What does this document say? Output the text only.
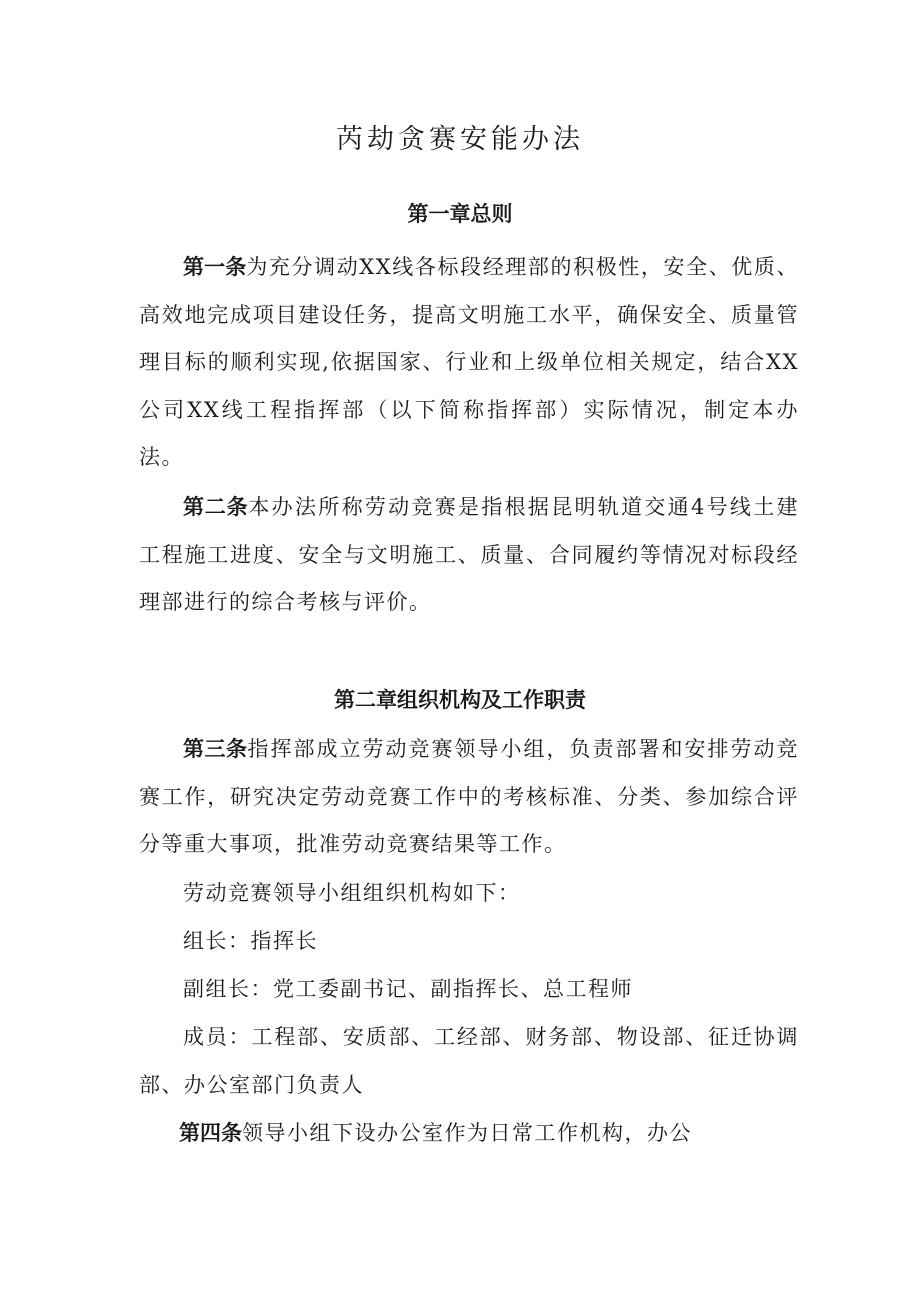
芮劫贪赛安能办法
第一章总则
第一条为充分调动XX线各标段经理部的积极性，安全、优质、高效地完成项目建设任务，提高文明施工水平，确保安全、质量管理目标的顺利实现,依据国家、行业和上级单位相关规定，结合XX公司XX线工程指挥部（以下简称指挥部）实际情况，制定本办法。
第二条本办法所称劳动竞赛是指根据昆明轨道交通4号线土建工程施工进度、安全与文明施工、质量、合同履约等情况对标段经理部进行的综合考核与评价。
第二章组织机构及工作职责
第三条指挥部成立劳动竞赛领导小组，负责部署和安排劳动竞赛工作，研究决定劳动竞赛工作中的考核标准、分类、参加综合评分等重大事项，批准劳动竞赛结果等工作。
劳动竞赛领导小组组织机构如下：
组长：指挥长
副组长：党工委副书记、副指挥长、总工程师
成员：工程部、安质部、工经部、财务部、物设部、征迁协调部、办公室部门负责人
第四条领导小组下设办公室作为日常工作机构，办公
